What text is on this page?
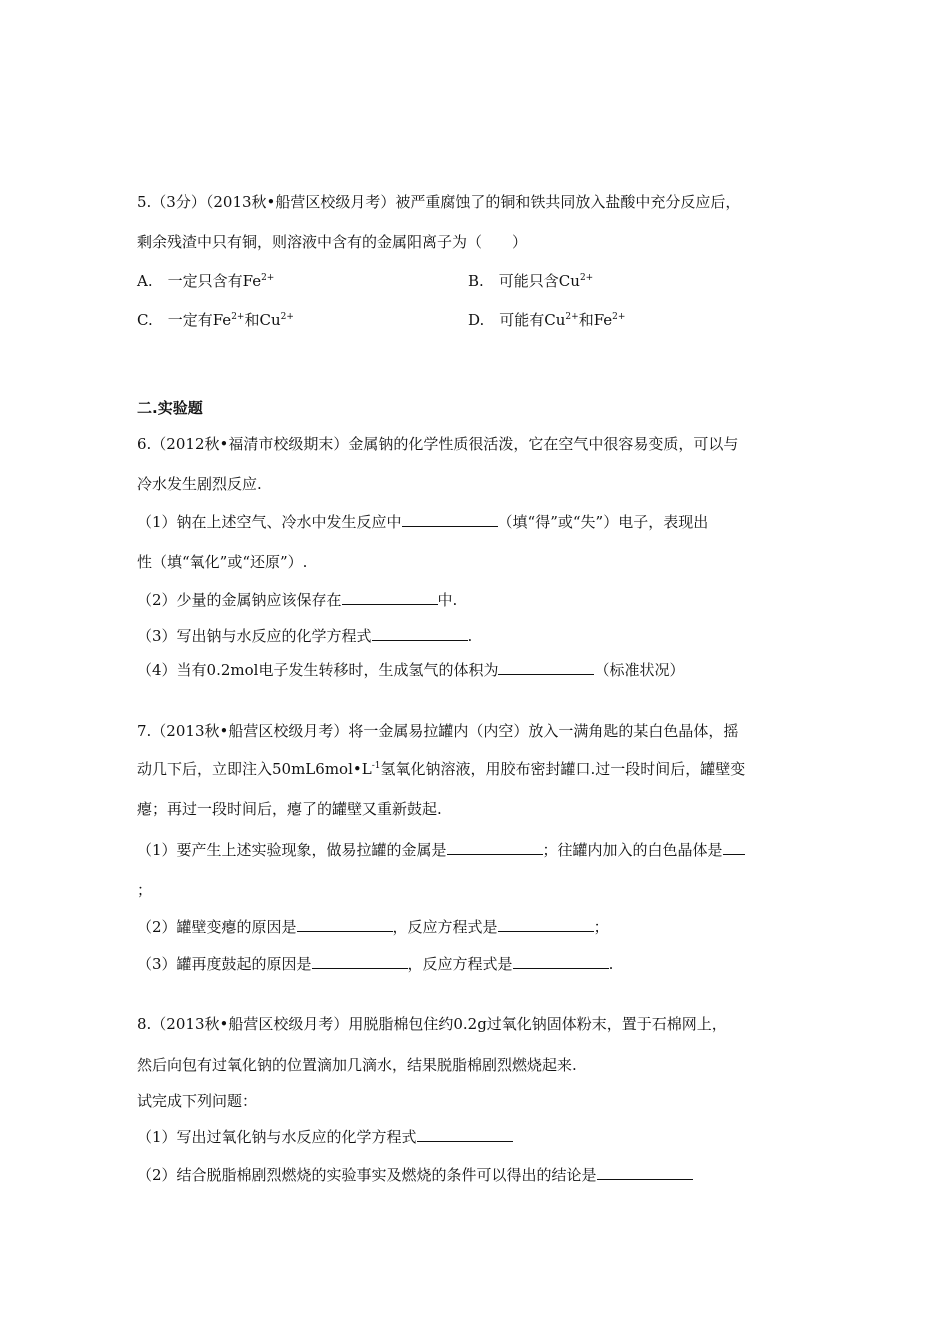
5.（3分）（2013秋•船营区校级月考）被严重腐蚀了的铜和铁共同放入盐酸中充分反应后，
剩余残渣中只有铜，则溶液中含有的金属阳离子为（　　）
A.　一定只含有$Fe^{2+}$	B.　可能只含$Cu^{2+}$
C.　一定有$Fe^{2+}$和$Cu^{2+}$	D.　可能有$Cu^{2+}$和$Fe^{2+}$
二.实验题
6.（2012秋•福清市校级期末）金属钠的化学性质很活泼，它在空气中很容易变质，可以与
冷水发生剧烈反应.
（1）钠在上述空气、冷水中发生反应中	（填“得”或“失”）电子，表现出
性（填“氧化”或“还原”）.
（2）少量的金属钠应该保存在	中.
（3）写出钠与水反应的化学方程式	.
（4）当有0.2mol电子发生转移时，生成氢气的体积为	（标准状况）
7.（2013秋•船营区校级月考）将一金属易拉罐内（内空）放入一满角匙的某白色晶体，摇
动几下后，立即注入$50mL6mol•L^{-1}$氢氧化钠溶液，用胶布密封罐口.过一段时间后，罐壁变
瘪；再过一段时间后，瘪了的罐壁又重新鼓起.
（1）要产生上述实验现象，做易拉罐的金属是	；往罐内加入的白色晶体是
；
（2）罐壁变瘪的原因是	，反应方程式是	；
（3）罐再度鼓起的原因是	，反应方程式是	.
8.（2013秋•船营区校级月考）用脱脂棉包住约0.2g过氧化钠固体粉末，置于石棉网上，
然后向包有过氧化钠的位置滴加几滴水，结果脱脂棉剧烈燃烧起来.
试完成下列问题：
（1）写出过氧化钠与水反应的化学方程式
（2）结合脱脂棉剧烈燃烧的实验事实及燃烧的条件可以得出的结论是
